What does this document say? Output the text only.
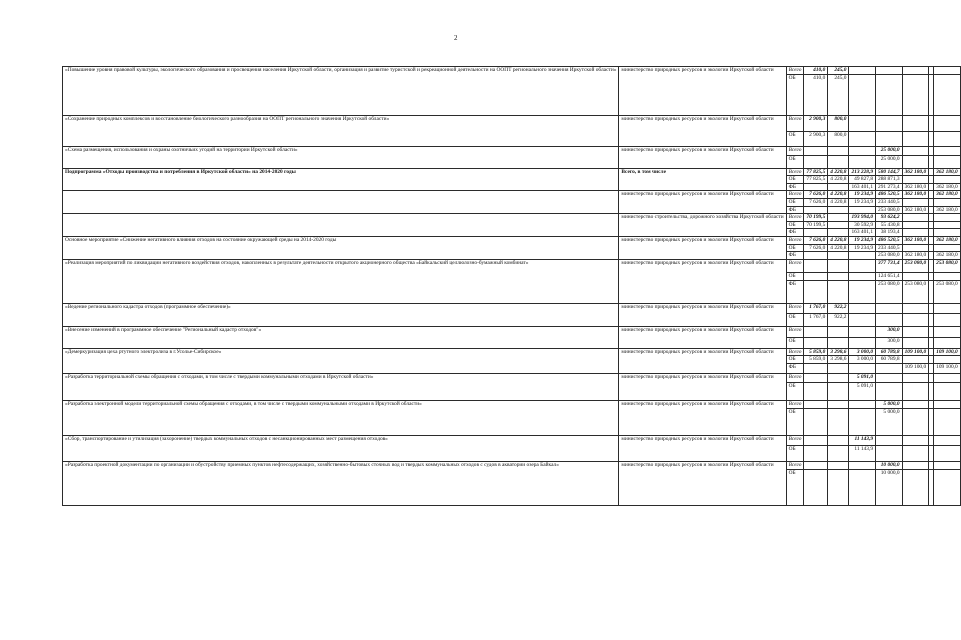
2
«Повышение уровня правовой культуры, экологического образования и просвещения населения Иркутской области, организация и развитие туристской и рекреационной деятельности на ООПТ регионального значения Иркутской области»	министерство природных ресурсов и экологии Иркутской области	Всего	410,0	245,0					
		ОБ	410,0	245,0					
«Сохранение природных комплексов и восстановление биологического разнообразия на ООПТ регионального значения Иркутской области»	министерство природных ресурсов и экологии Иркутской области	Всего	2 900,3	800,0					
		ОБ	2 900,3	800,0					
«Схема размещения, использования и охраны охотничьих угодий на территории Иркутской области»	министерство природных ресурсов и экологии Иркутской области	Всего				25 000,0			
		ОБ				25 000,0			
Подпрограмма «Отходы производства и потребления в Иркутской области» на 2014-2020 годы	Всего, в том числе	Всего	77 825,5	4 220,8	213 228,9	580 144,7	362 180,0		362 180,0
		ОБ	77 825,5	4 220,8	49 827,8	288 871,3			
		ФБ			163 401,1	291 273,4	362 180,0		362 180,0
	министерство природных ресурсов и экологии Иркутской области	Всего	7 626,0	4 220,8	19 234,9	486 520,5	362 180,0		362 180,0
		ОБ	7 626,0	4 220,8	19 234,9	233 440,5			
		ФБ				253 080,0	362 180,0		362 180,0
	министерство строительства, дорожного хозяйства Иркутской области	Всего	70 199,5		193 994,0	93 624,2			
		ОБ	70 199,5		30 592,9	55 430,8			
		ФБ			163 401,1	38 193,4			
Основное мероприятие «Снижение негативного влияния отходов на состояние окружающей среды на 2014-2020 годы	министерство природных ресурсов и экологии Иркутской области	Всего	7 626,0	4 220,8	19 234,9	486 520,5	362 180,0		362 180,0
		ОБ	7 626,0	4 220,8	19 234,9	233 440,5			
		ФБ				253 080,0	362 180,0		362 180,0
«Реализация мероприятий по ликвидации негативного воздействия отходов, накопленных в результате деятельности открытого акционерного общества «Байкальский целлюлозно-бумажный комбинат»	министерство природных ресурсов и экологии Иркутской области	Всего				377 731,4	253 080,0		253 080,0
		ОБ				124 651,4			
		ФБ				253 080,0	253 080,0		253 080,0
«Ведение регионального кадастра отходов (программное обеспечение)»	министерство природных ресурсов и экологии Иркутской области	Всего	1 767,0	922,2					
		ОБ	1 767,0	922,2					
«Внесение изменений в программное обеспечение "Региональный кадастр отходов"»	министерство природных ресурсов и экологии Иркутской области	Всего				300,0			
		ОБ				300,0			
«Демеркуризация цеха ртутного электролиза в г.Усолье-Сибирское»	министерство природных ресурсов и экологии Иркутской области	Всего	5 859,0	3 298,6	3 000,0	60 789,8	109 100,0		109 100,0
		ОБ	5 859,0	3 298,6	3 000,0	60 789,8			
		ФБ					109 100,0		109 100,0
«Разработка территориальной схемы обращения с отходами, в том числе с твердыми коммунальными отходами в Иркутской области»	министерство природных ресурсов и экологии Иркутской области	Всего			5 091,0				
		ОБ			5 091,0				
«Разработка электронной модели территориальной схемы обращения с отходами, в том числе с твердыми коммунальными отходами в Иркутской области»	министерство природных ресурсов и экологии Иркутской области	Всего				5 000,0			
		ОБ				5 000,0			
«Сбор, транспортирование и утилизация (захоронение) твердых коммунальных отходов с несанкционированных мест размещения отходов»	министерство природных ресурсов и экологии Иркутской области	Всего			11 143,9				
		ОБ			11 143,9				
«Разработка проектной документации по организации и обустройству приемных пунктов нефтесодержащих, хозяйственно-бытовых сточных вод и твердых коммунальных отходов с судов в акватории озера Байкал»	министерство природных ресурсов и экологии Иркутской области	Всего				10 000,0			
		ОБ				10 000,0			
